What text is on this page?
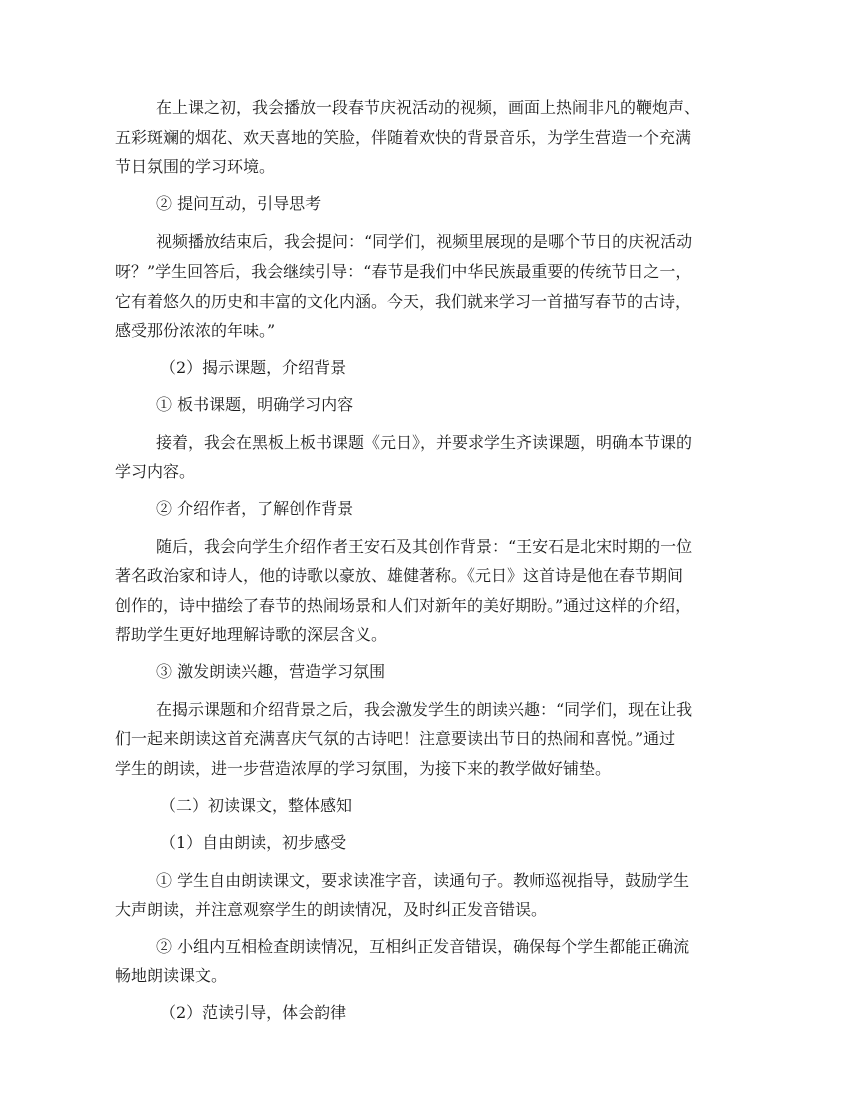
在上课之初，我会播放一段春节庆祝活动的视频，画面上热闹非凡的鞭炮声、

五彩斑斓的烟花、欢天喜地的笑脸，伴随着欢快的背景音乐，为学生营造一个充满

节日氛围的学习环境。

② 提问互动，引导思考

视频播放结束后，我会提问：“同学们，视频里展现的是哪个节日的庆祝活动

呀？”学生回答后，我会继续引导：“春节是我们中华民族最重要的传统节日之一，

它有着悠久的历史和丰富的文化内涵。今天，我们就来学习一首描写春节的古诗，

感受那份浓浓的年味。”

（2）揭示课题，介绍背景

① 板书课题，明确学习内容

接着，我会在黑板上板书课题《元日》，并要求学生齐读课题，明确本节课的

学习内容。

② 介绍作者，了解创作背景

随后，我会向学生介绍作者王安石及其创作背景：“王安石是北宋时期的一位

著名政治家和诗人，他的诗歌以豪放、雄健著称。《元日》这首诗是他在春节期间

创作的，诗中描绘了春节的热闹场景和人们对新年的美好期盼。”通过这样的介绍，

帮助学生更好地理解诗歌的深层含义。

③ 激发朗读兴趣，营造学习氛围

在揭示课题和介绍背景之后，我会激发学生的朗读兴趣：“同学们，现在让我

们一起来朗读这首充满喜庆气氛的古诗吧！注意要读出节日的热闹和喜悦。”通过

学生的朗读，进一步营造浓厚的学习氛围，为接下来的教学做好铺垫。

（二）初读课文，整体感知

（1）自由朗读，初步感受

① 学生自由朗读课文，要求读准字音，读通句子。教师巡视指导，鼓励学生

大声朗读，并注意观察学生的朗读情况，及时纠正发音错误。

② 小组内互相检查朗读情况，互相纠正发音错误，确保每个学生都能正确流

畅地朗读课文。

（2）范读引导，体会韵律
